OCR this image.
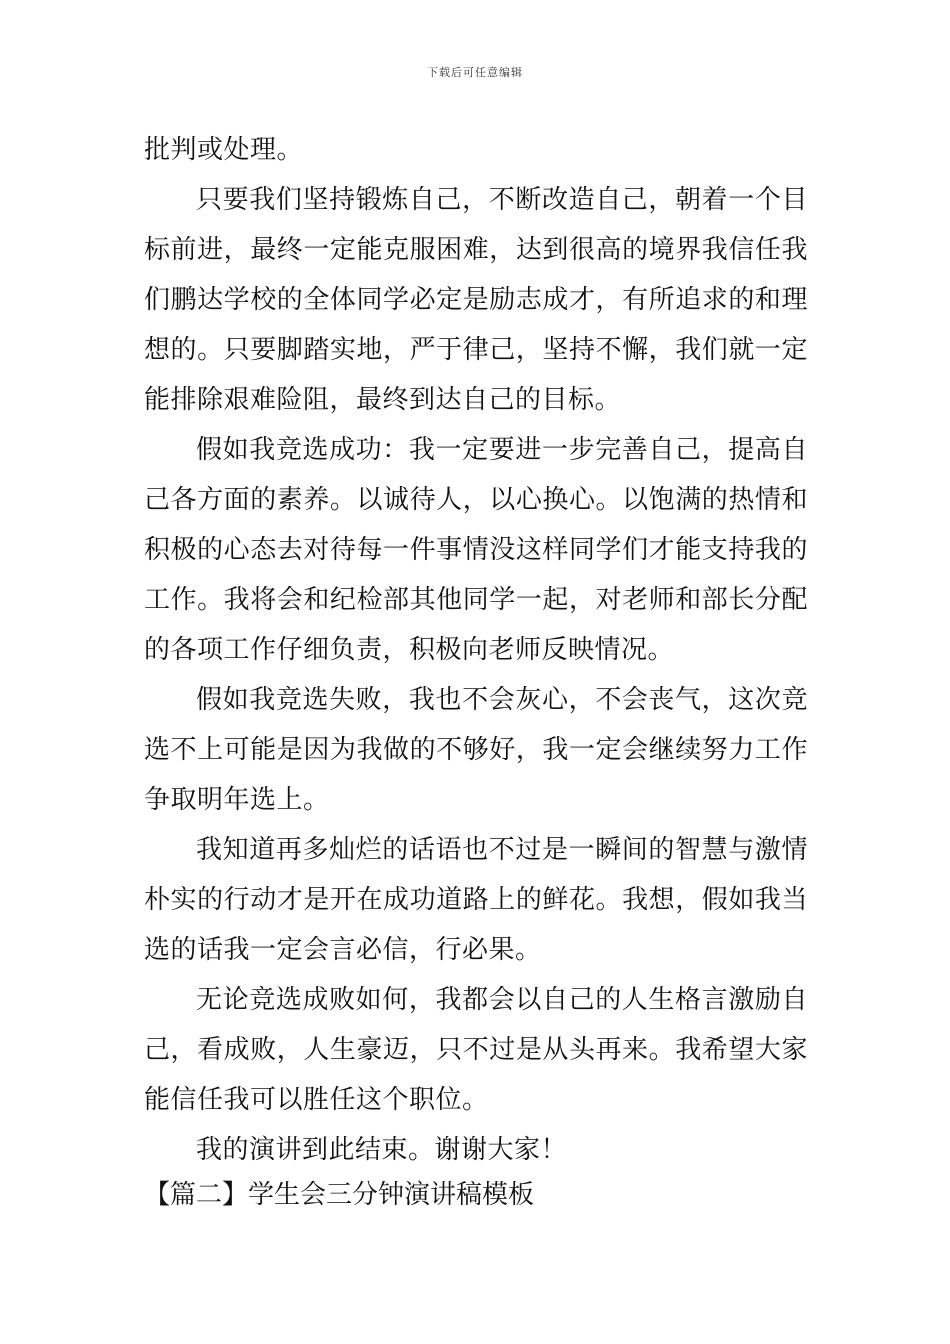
下载后可任意编辑
批判或处理。
只要我们坚持锻炼自己，不断改造自己，朝着一个目
标前进，最终一定能克服困难，达到很高的境界我信任我
们鹏达学校的全体同学必定是励志成才，有所追求的和理
想的。只要脚踏实地，严于律己，坚持不懈，我们就一定
能排除艰难险阻，最终到达自己的目标。
假如我竞选成功：我一定要进一步完善自己，提高自
己各方面的素养。以诚待人，以心换心。以饱满的热情和
积极的心态去对待每一件事情没这样同学们才能支持我的
工作。我将会和纪检部其他同学一起，对老师和部长分配
的各项工作仔细负责，积极向老师反映情况。
假如我竞选失败，我也不会灰心，不会丧气，这次竞
选不上可能是因为我做的不够好，我一定会继续努力工作
争取明年选上。
我知道再多灿烂的话语也不过是一瞬间的智慧与激情
朴实的行动才是开在成功道路上的鲜花。我想，假如我当
选的话我一定会言必信，行必果。
无论竞选成败如何，我都会以自己的人生格言激励自
己，看成败，人生豪迈，只不过是从头再来。我希望大家
能信任我可以胜任这个职位。
我的演讲到此结束。谢谢大家！
【篇二】学生会三分钟演讲稿模板
